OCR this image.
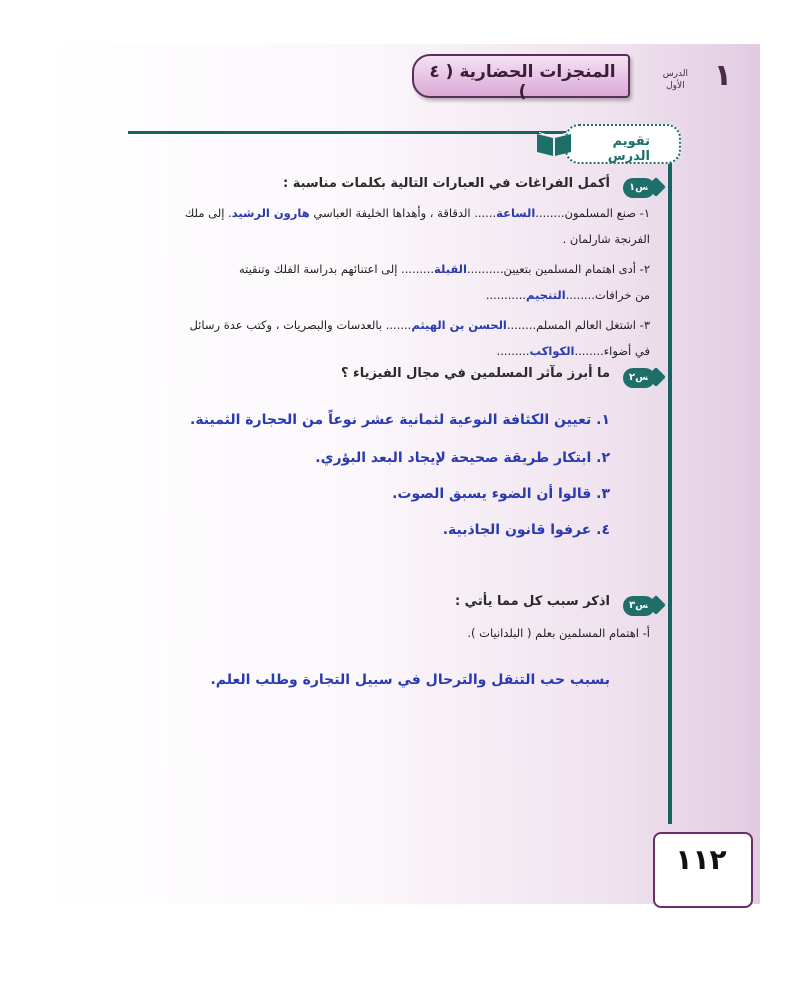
١
الدرس
الأول
المنجزات الحضارية ( ٤ )
تقويم الدرس
س١
أكمل الفراغات في العبارات التالية بكلمات مناسبة :
١- صنع المسلمون........الساعة...... الدقاقة ، وأهداها الخليفة العباسي هارون الرشيد. إلى ملك
الفرنجة شارلمان .
٢- أدى اهتمام المسلمين بتعيين..........القبلة......... إلى اعتنائهم بدراسة الفلك وتنقيته
من خرافات........التنجيم...........
٣- اشتغل العالم المسلم........الحسن بن الهيثم....... بالعدسات والبصريات ، وكتب عدة رسائل
في أضواء........الكواكب.........
س٢
ما أبرز مآثر المسلمين في مجال الفيزياء ؟
١. تعيين الكثافة النوعية لثمانية عشر نوعاً من الحجارة الثمينة.
٢. ابتكار طريقة صحيحة لإيجاد البعد البؤري.
٣. قالوا أن الضوء يسبق الصوت.
٤. عرفوا قانون الجاذبية.
س٣
اذكر سبب كل مما يأتي :
أ- اهتمام المسلمين بعلم ( البلدانيات ).
بسبب حب التنقل والترحال في سبيل التجارة وطلب العلم.
١١٢
